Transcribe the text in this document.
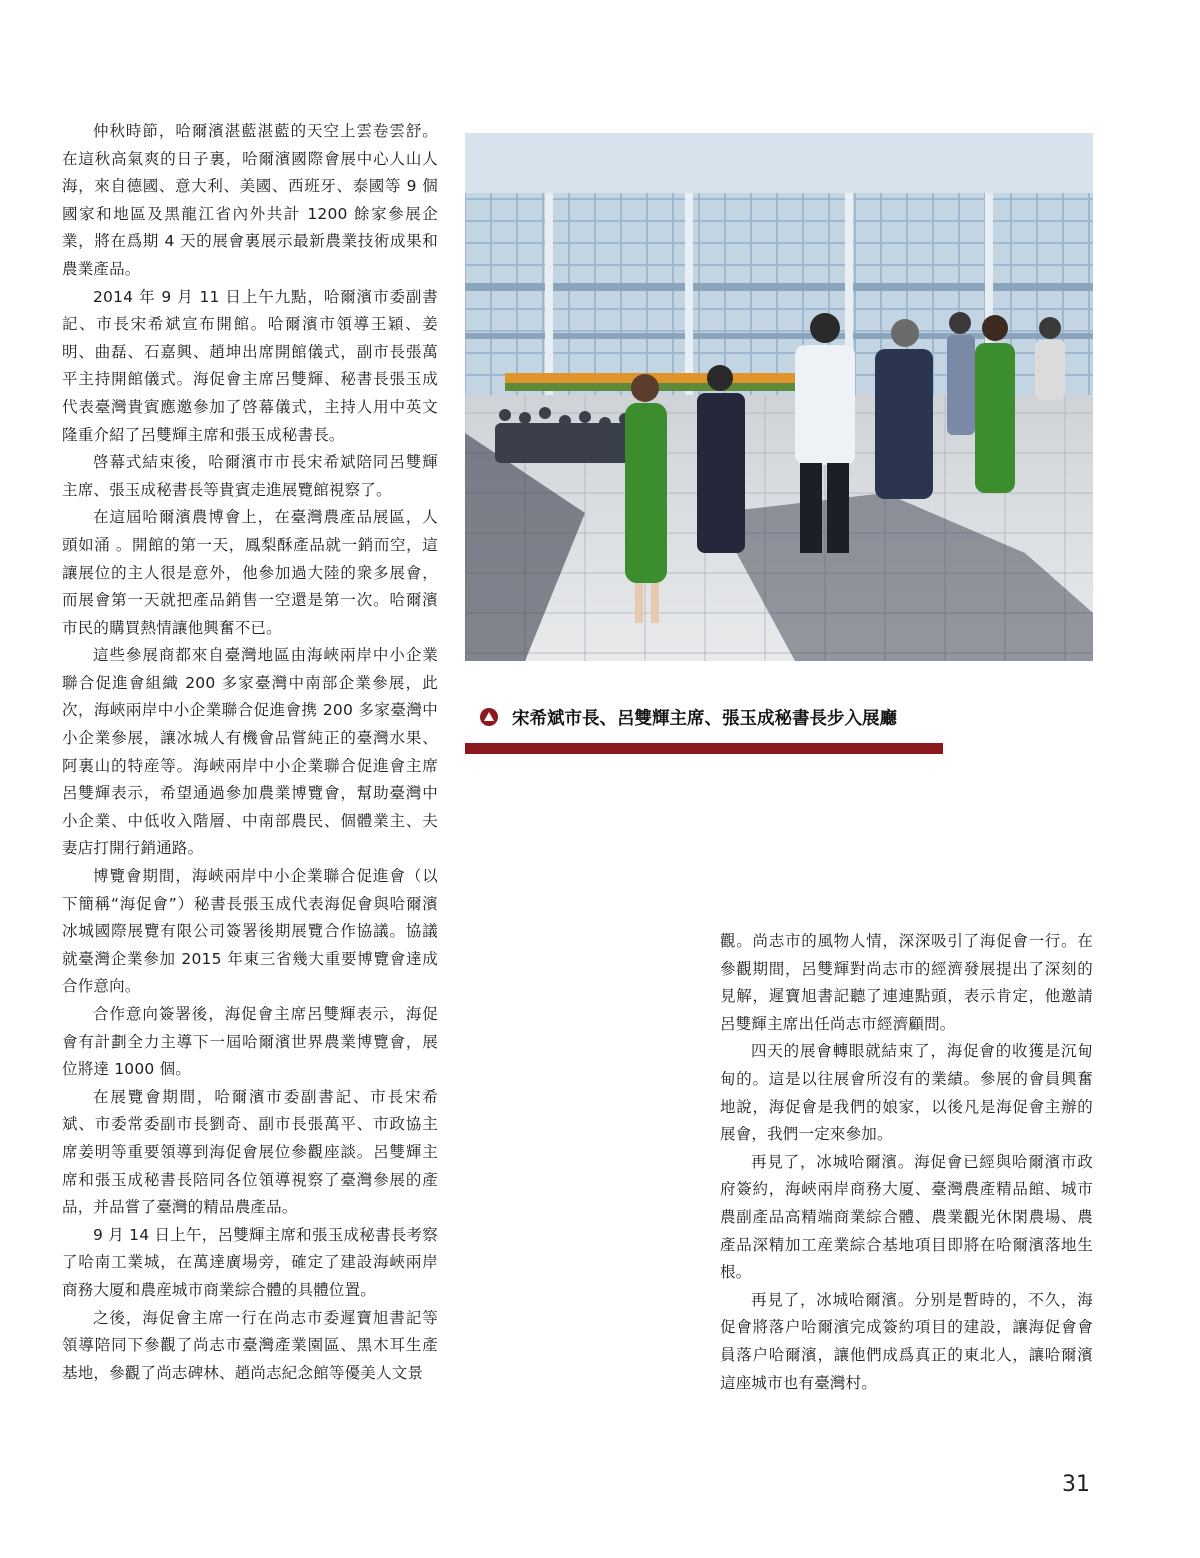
仲秋時節，哈爾濱湛藍湛藍的天空上雲卷雲舒。在這秋高氣爽的日子裏，哈爾濱國際會展中心人山人海，來自德國、意大利、美國、西班牙、泰國等 9 個國家和地區及黑龍江省內外共計 1200 餘家參展企業，將在爲期 4 天的展會裏展示最新農業技術成果和農業產品。

2014 年 9 月 11 日上午九點，哈爾濱市委副書記、市長宋希斌宣布開館。哈爾濱市領導王穎、姜明、曲磊、石嘉興、趙坤出席開館儀式，副市長張萬平主持開館儀式。海促會主席呂雙輝、秘書長張玉成代表臺灣貴賓應邀參加了啓幕儀式，主持人用中英文隆重介紹了呂雙輝主席和張玉成秘書長。

啓幕式結束後，哈爾濱市市長宋希斌陪同呂雙輝主席、張玉成秘書長等貴賓走進展覽館視察了。

在這屆哈爾濱農博會上，在臺灣農產品展區，人頭如涌 。開館的第一天，鳳梨酥產品就一銷而空，這讓展位的主人很是意外，他參加過大陸的衆多展會，而展會第一天就把產品銷售一空還是第一次。哈爾濱市民的購買熱情讓他興奮不已。

這些參展商都來自臺灣地區由海峽兩岸中小企業聯合促進會組織 200 多家臺灣中南部企業參展，此次，海峽兩岸中小企業聯合促進會携 200 多家臺灣中小企業參展，讓冰城人有機會品嘗純正的臺灣水果、阿裏山的特産等。海峽兩岸中小企業聯合促進會主席呂雙輝表示，希望通過參加農業博覽會，幫助臺灣中小企業、中低收入階層、中南部農民、個體業主、夫妻店打開行銷通路。

博覽會期間，海峽兩岸中小企業聯合促進會（以下簡稱“海促會”）秘書長張玉成代表海促會與哈爾濱冰城國際展覽有限公司簽署後期展覽合作協議。協議就臺灣企業參加 2015 年東三省幾大重要博覽會達成合作意向。

合作意向簽署後，海促會主席呂雙輝表示，海促會有計劃全力主導下一屆哈爾濱世界農業博覽會，展位將達 1000 個。

在展覽會期間，哈爾濱市委副書記、市長宋希斌、市委常委副市長劉奇、副市長張萬平、市政協主席姜明等重要領導到海促會展位參觀座談。呂雙輝主席和張玉成秘書長陪同各位領導視察了臺灣參展的產品，并品嘗了臺灣的精品農產品。

9 月 14 日上午，呂雙輝主席和張玉成秘書長考察了哈南工業城，在萬達廣場旁，確定了建設海峽兩岸商務大厦和農産城市商業綜合體的具體位置。

之後，海促會主席一行在尚志市委遲寶旭書記等領導陪同下參觀了尚志市臺灣產業園區、黑木耳生產基地，參觀了尚志碑林、趙尚志紀念館等優美人文景

宋希斌市長、呂雙輝主席、張玉成秘書長步入展廳

觀。尚志市的風物人情，深深吸引了海促會一行。在參觀期間，呂雙輝對尚志市的經濟發展提出了深刻的見解，遲寶旭書記聽了連連點頭，表示肯定，他邀請呂雙輝主席出任尚志市經濟顧問。

四天的展會轉眼就結束了，海促會的收獲是沉甸甸的。這是以往展會所沒有的業績。參展的會員興奮地說，海促會是我們的娘家，以後凡是海促會主辦的展會，我們一定來參加。

再見了，冰城哈爾濱。海促會已經與哈爾濱市政府簽約，海峽兩岸商務大厦、臺灣農產精品館、城市農副產品高精端商業綜合體、農業觀光休閑農場、農產品深精加工産業綜合基地項目即將在哈爾濱落地生根。

再見了，冰城哈爾濱。分别是暫時的，不久，海促會將落户哈爾濱完成簽約項目的建設，讓海促會會員落户哈爾濱，讓他們成爲真正的東北人，讓哈爾濱這座城市也有臺灣村。

31
